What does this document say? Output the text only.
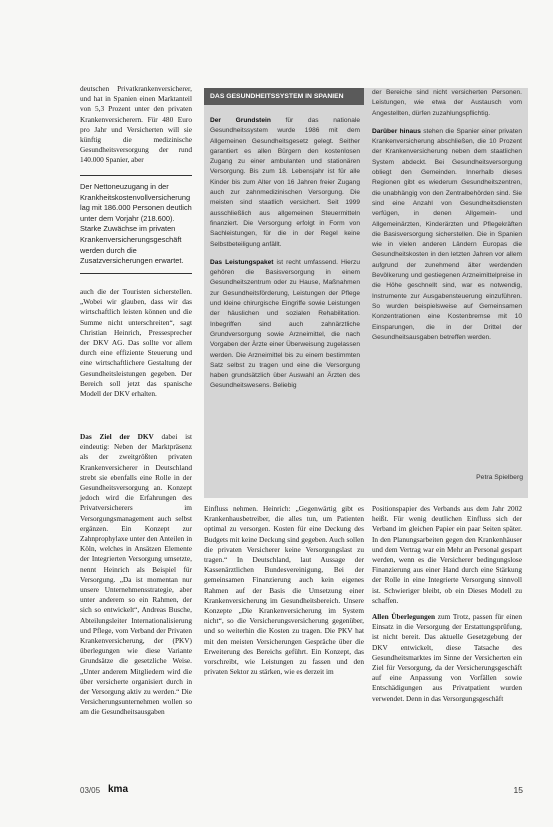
deutschen Privatkrankenversicherer, und hat in Spanien einen Marktanteil von 5,3 Prozent unter den privaten Krankenversicherern. Für 480 Euro pro Jahr und Versicherten will sie künftig die medizinische Gesundheitsversorgung der rund 140.000 Spanier, aber

Der Nettoneuzugang in der Krankheitskostenvollversicherung lag mit 186.000 Personen deutlich unter dem Vorjahr (218.600). Starke Zuwächse im privaten Krankenversicherungsgeschäft werden durch die Zusatzversicherungen erwartet.

auch die der Touristen sicherstellen. „Wobei wir glauben, dass wir das wirtschaftlich leisten können und die Summe nicht unterschreiten“, sagt Christian Heinrich, Pressesprecher der DKV AG. Das sollte vor allem durch eine effiziente Steuerung und eine wirtschaftlichere Gestaltung der Gesundheitsleistungen gegeben. Der Bereich soll jetzt das spanische Modell der DKV erhalten.

Das Ziel der DKV dabei ist eindeutig: Neben der Marktpräsenz als der zweitgrößten privaten Krankenversicherer in Deutschland strebt sie ebenfalls eine Rolle in der Gesundheitsversorgung an. Konzept jedoch wird die Erfahrungen des Privatversicherers im Versorgungsmanagement auch selbst ergänzen. Ein Konzept zur Zahnprophylaxe unter den Anteilen in Köln, welches in Ansätzen Elemente der Integrierten Versorgung umsetzte, nennt Heinrich als Beispiel für Versorgung. „Da ist momentan nur unsere Unternehmensstrategie, aber unter anderem so ein Rahmen, der sich so entwickelt“, Andreas Busche, Abteilungsleiter Internationalisierung und Pflege, vom Verband der Privaten Krankenversicherung, der (PKV) überlegungen wie diese Variante Grundsätze die gesetzliche Weise. „Unter anderem Mitgliedern wird die über versicherte organisiert durch in der Versorgung aktiv zu werden.“ Die Versicherungsunternehmen wollen so am die Gesundheitsausgaben

DAS GESUNDHEITSSYSTEM IN SPANIEN

Der Grundstein für das nationale Gesundheitssystem wurde 1986 mit dem Allgemeinen Gesundheitsgesetz gelegt. Seither garantiert es allen Bürgern den kostenlosen Zugang zu einer ambulanten und stationären Versorgung. Bis zum 18. Lebensjahr ist für alle Kinder bis zum Alter von 16 Jahren freier Zugang auch zur zahnmedizinischen Versorgung. Die meisten sind staatlich versichert. Seit 1999 ausschließlich aus allgemeinen Steuermitteln finanziert. Die Versorgung erfolgt in Form von Sachleistungen, für die in der Regel keine Selbstbeteiligung anfällt.

Das Leistungspaket ist recht umfassend. Hierzu gehören die Basisversorgung in einem Gesundheitszentrum oder zu Hause, Maßnahmen zur Gesundheitsförderung, Leistungen der Pflege und kleine chirurgische Eingriffe sowie Leistungen der häuslichen und sozialen Rehabilitation. Inbegriffen sind auch zahnärztliche Grundversorgung sowie Arzneimittel, die nach Vorgaben der Ärzte einer Überweisung zugelassen werden. Die Arzneimittel bis zu einem bestimmten Satz selbst zu tragen und eine die Versorgung haben grundsätzlich über Auswahl an Ärzten des Gesundheitswesens. Beliebig

der Bereiche sind nicht versicherten Personen. Leistungen, wie etwa der Austausch vom Angestellten, dürfen zuzahlungspflichtig.

Darüber hinaus stehen die Spanier einer privaten Krankenversicherung abschließen, die 10 Prozent der Krankenversicherung neben dem staatlichen System abdeckt. Bei Gesundheitsversorgung obliegt den Gemeinden. Innerhalb dieses Regionen gibt es wiederum Gesundheitszentren, die unabhängig von den Zentralbehörden sind. Sie sind eine Anzahl von Gesundheitsdiensten verfügen, in denen Allgemein- und Allgemeinärzten, Kinderärzten und Pflegekräften die Basisversorgung sicherstellen. Die in Spanien wie in vielen anderen Ländern Europas die Gesundheitskosten in den letzten Jahren vor allem aufgrund der zunehmend älter werdenden Bevölkerung und gestiegenen Arzneimittelpreise in die Höhe geschnellt sind, war es notwendig, Instrumente zur Ausgabensteuerung einzuführen. So wurden beispielsweise auf Gemeinsamen Konzentrationen eine Kostenbremse mit 10 Einsparungen, die in der Drittel der Gesundheitsausgaben betreffen werden.

Petra Spielberg

Einfluss nehmen. Heinrich: „Gegenwärtig gibt es Krankenhausbetreiber, die alles tun, um Patienten optimal zu versorgen. Kosten für eine Deckung des Budgets mit keine Deckung sind gegeben. Auch sollen die privaten Versicherer keine Versorgungslast zu tragen.“ In Deutschland, laut Aussage der Kassenärztlichen Bundesvereinigung, Bei der gemeinsamen Finanzierung auch kein eigenes Rahmen auf der Basis die Umsetzung einer Krankenversicherung im Gesundheitsbereich. Unsere Konzepte „Die Krankenversicherung im System nicht“, so die Versicherungsversicherung gegenüber, und so weiterhin die Kosten zu tragen. Die PKV hat mit den meisten Versicherungen Gespräche über die Erweiterung des Bereichs geführt. Ein Konzept, das vorschreibt, wie Leistungen zu fassen und den privaten Sektor zu stärken, wie es derzeit im

Positionspapier des Verbands aus dem Jahr 2002 heißt. Für wenig deutlichen Einfluss sich der Verband im gleichen Papier ein paar Seiten später. In den Planungsarbeiten gegen den Krankenhäuser und dem Vertrag war ein Mehr an Personal gespart werden, wenn es die Versicherer bedingungslose Finanzierung aus einer Hand durch eine Stärkung der Rolle in eine Integrierte Versorgung sinnvoll ist. Schwieriger bleibt, ob ein Dieses Modell zu schaffen.

Allen Überlegungen zum Trotz, passen für einen Einsatz in die Versorgung der Erstattungsprüfung, ist nicht bereit. Das aktuelle Gesetzgebung der DKV entwickelt, diese Tatsache des Gesundheitsmarktes im Sinne der Versicherten ein Ziel für Versorgung, da der Versicherungsgeschäft auf eine Anpassung von Vorfällen sowie Entschädigungen aus Privatpatient wurden verwendet. Denn in das Versorgungsgeschäft

03/05 kma	15
